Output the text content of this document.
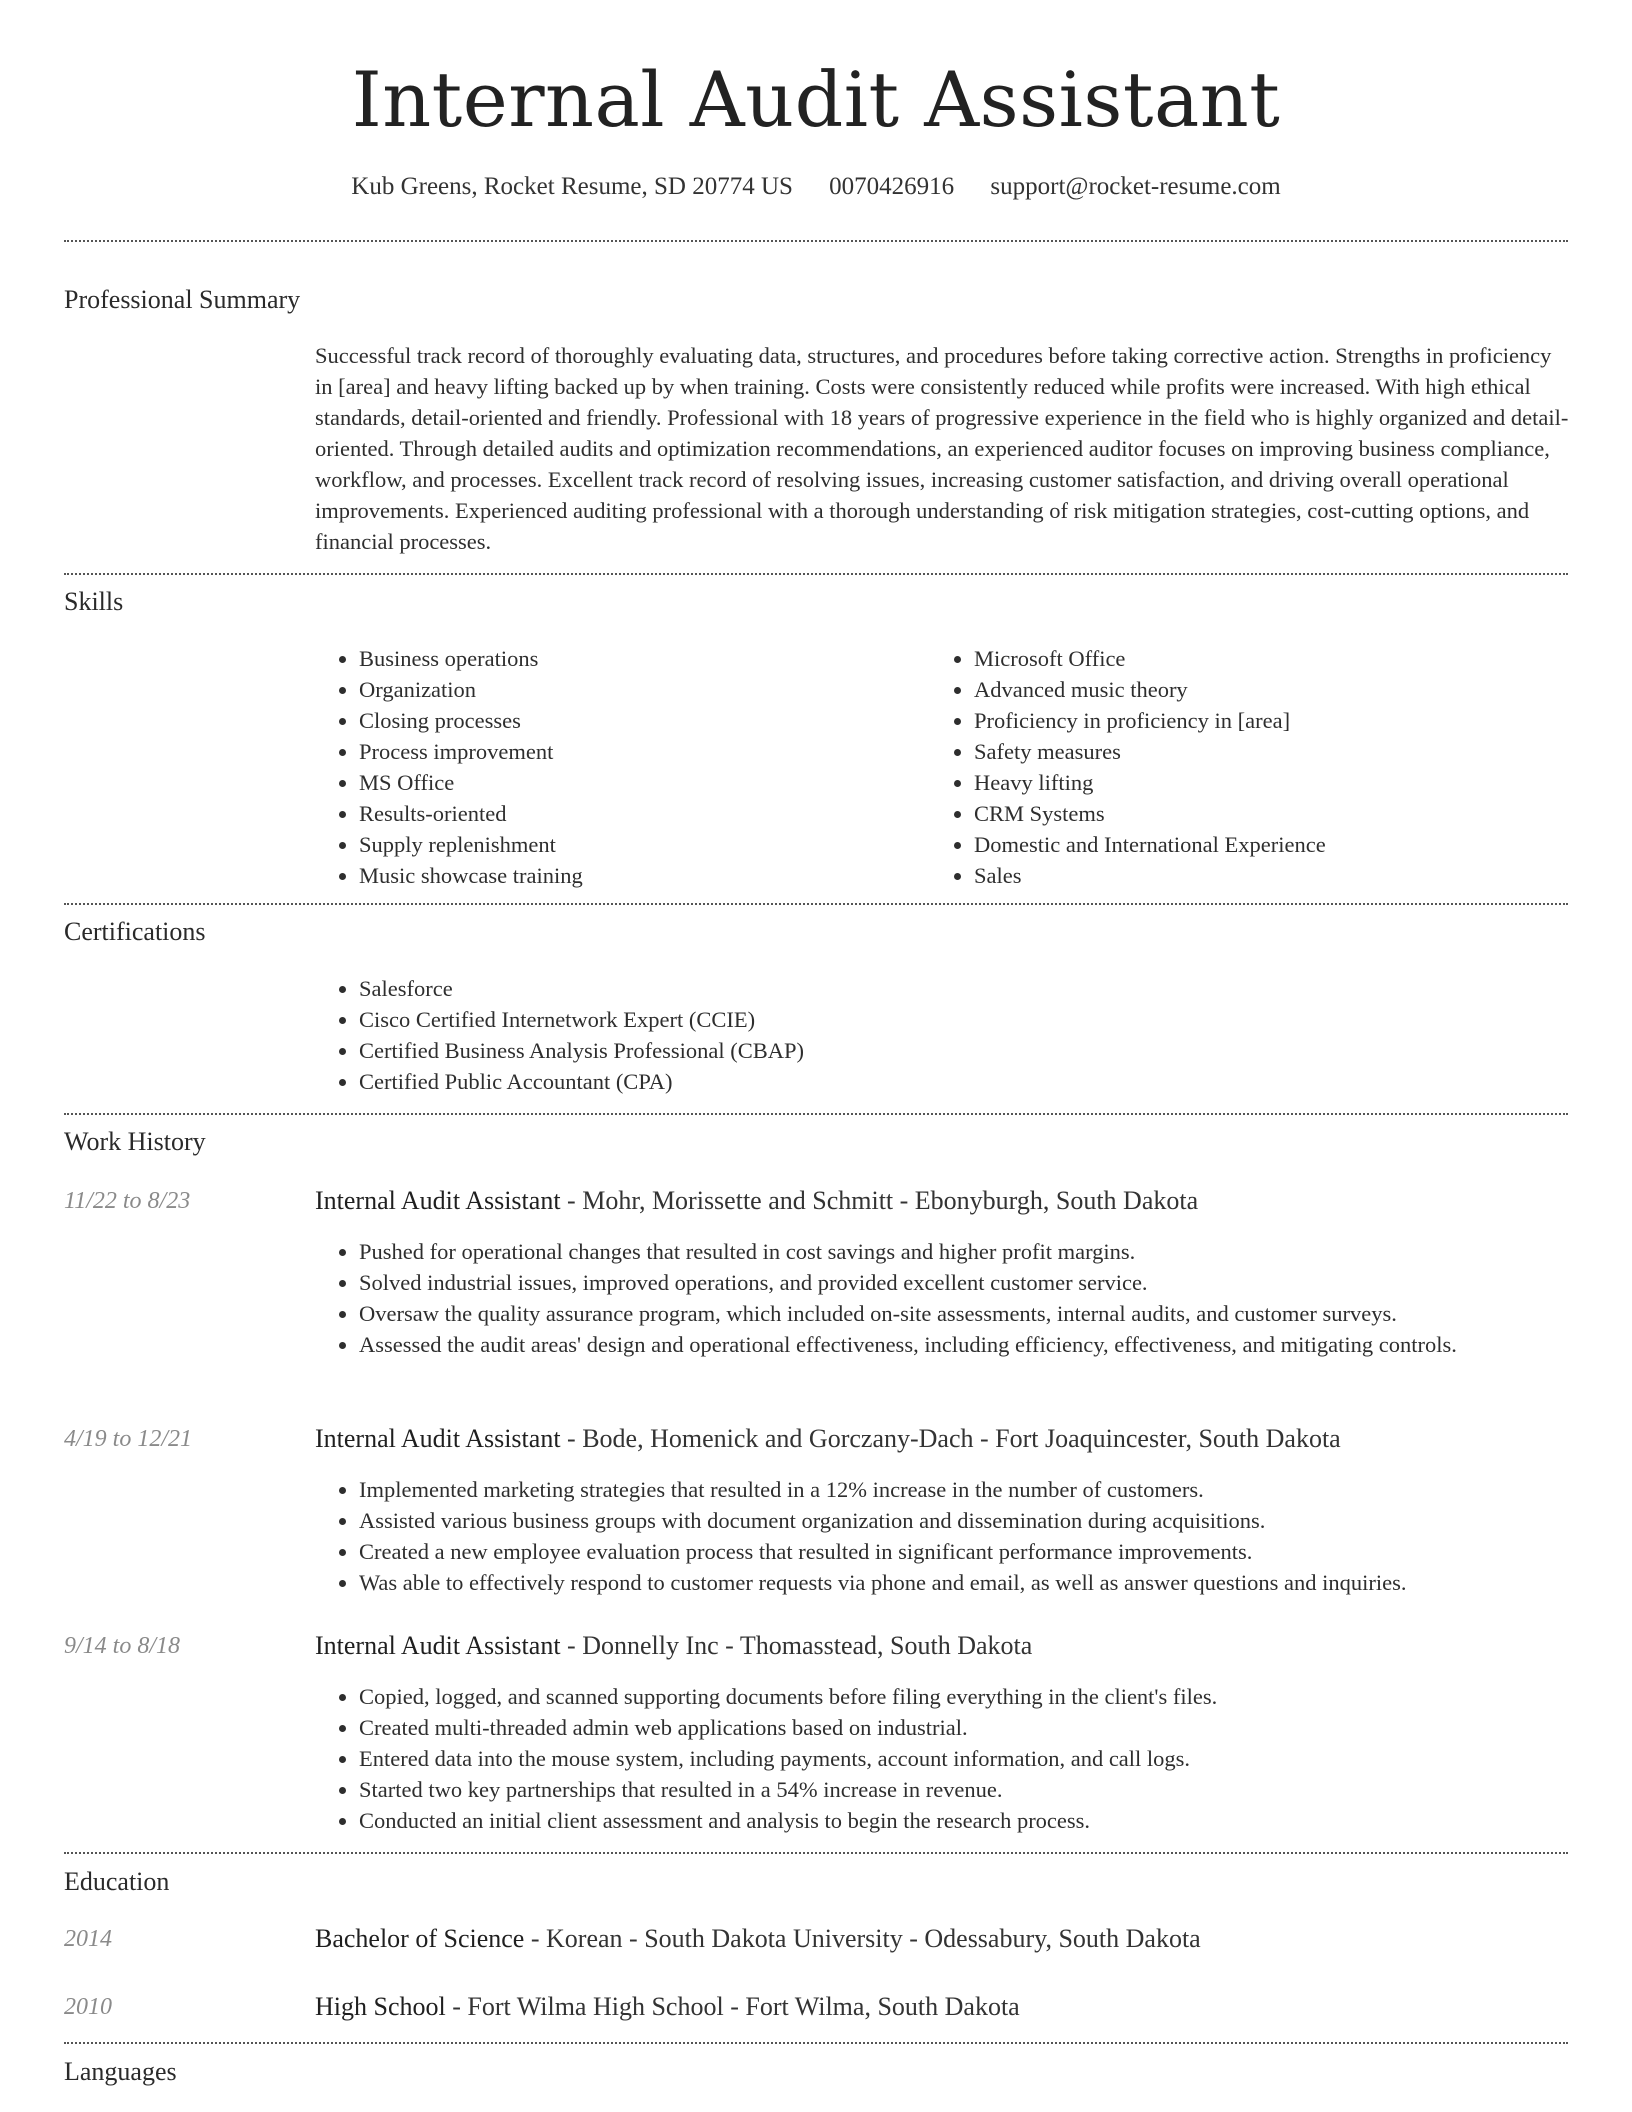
Internal Audit Assistant
Kub Greens, Rocket Resume, SD 20774 US 0070426916 support@rocket-resume.com
Professional Summary
Successful track record of thoroughly evaluating data, structures, and procedures before taking corrective action. Strengths in proficiency in [area] and heavy lifting backed up by when training. Costs were consistently reduced while profits were increased. With high ethical standards, detail-oriented and friendly. Professional with 18 years of progressive experience in the field who is highly organized and detail-oriented. Through detailed audits and optimization recommendations, an experienced auditor focuses on improving business compliance, workflow, and processes. Excellent track record of resolving issues, increasing customer satisfaction, and driving overall operational improvements. Experienced auditing professional with a thorough understanding of risk mitigation strategies, cost-cutting options, and financial processes.
Skills
• Business operations
• Organization
• Closing processes
• Process improvement
• MS Office
• Results-oriented
• Supply replenishment
• Music showcase training
• Microsoft Office
• Advanced music theory
• Proficiency in proficiency in [area]
• Safety measures
• Heavy lifting
• CRM Systems
• Domestic and International Experience
• Sales
Certifications
• Salesforce
• Cisco Certified Internetwork Expert (CCIE)
• Certified Business Analysis Professional (CBAP)
• Certified Public Accountant (CPA)
Work History
11/22 to 8/23	Internal Audit Assistant - Mohr, Morissette and Schmitt - Ebonyburgh, South Dakota
• Pushed for operational changes that resulted in cost savings and higher profit margins.
• Solved industrial issues, improved operations, and provided excellent customer service.
• Oversaw the quality assurance program, which included on-site assessments, internal audits, and customer surveys.
• Assessed the audit areas' design and operational effectiveness, including efficiency, effectiveness, and mitigating controls.
4/19 to 12/21	Internal Audit Assistant - Bode, Homenick and Gorczany-Dach - Fort Joaquincester, South Dakota
• Implemented marketing strategies that resulted in a 12% increase in the number of customers.
• Assisted various business groups with document organization and dissemination during acquisitions.
• Created a new employee evaluation process that resulted in significant performance improvements.
• Was able to effectively respond to customer requests via phone and email, as well as answer questions and inquiries.
9/14 to 8/18	Internal Audit Assistant - Donnelly Inc - Thomasstead, South Dakota
• Copied, logged, and scanned supporting documents before filing everything in the client's files.
• Created multi-threaded admin web applications based on industrial.
• Entered data into the mouse system, including payments, account information, and call logs.
• Started two key partnerships that resulted in a 54% increase in revenue.
• Conducted an initial client assessment and analysis to begin the research process.
Education
2014	Bachelor of Science - Korean - South Dakota University - Odessabury, South Dakota
2010	High School - Fort Wilma High School - Fort Wilma, South Dakota
Languages
